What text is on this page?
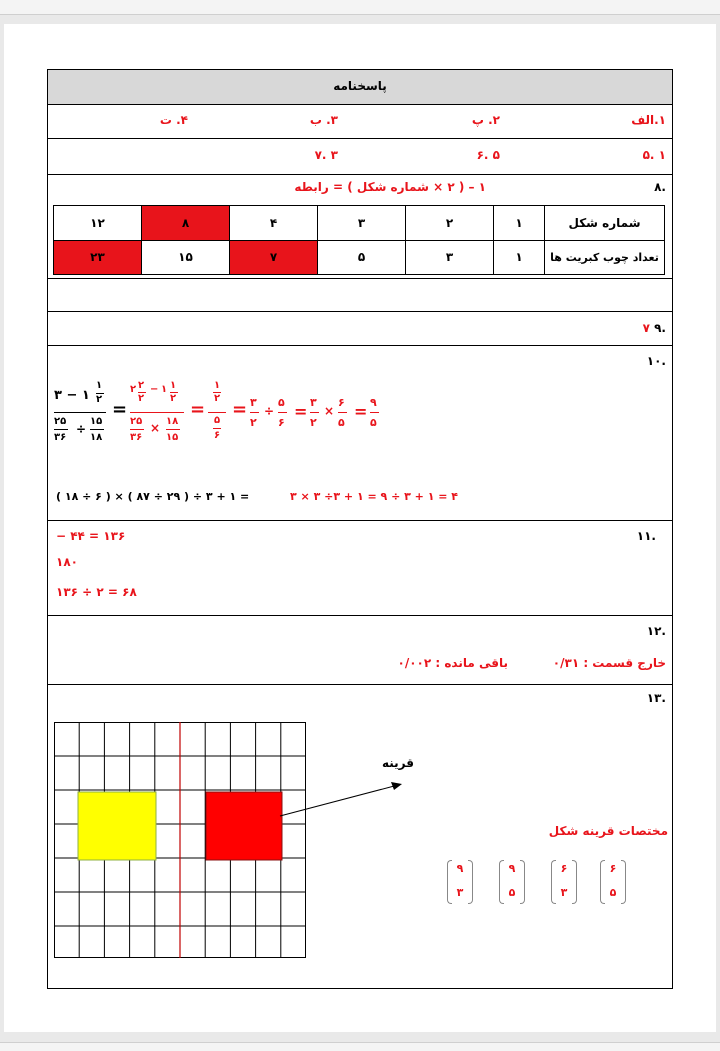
پاسخنامه
۱.الف
۲. پ
۳. ب
۴. ت
۵. ۱
۶. ۵
۷. ۳
۸.
۱ – ( ۲ × شماره شکل ) = رابطه
۱۲	۸	۴	۳	۲	۱	شماره شکل
۲۳	۱۵	۷	۵	۳	۱	تعداد چوب کبریت ها
۷ ۹.
۱۰.
۳ − ۱
۱
۲
۲۵
۳۶
÷
۱۵
۱۸
=
۲ ۲
۲
− ۱ ۱
۲
۲۵
۳۶
× ۱۸
۱۵
=
۱
۲
۵
۶
= ۳
۲
÷
۵
۶
= ۳
۲
×
۶
۵
= ۹
۵
( ۱۸ ÷ ۶ ) × ( ۸۷ ÷ ۲۹ ) ÷ ۳ + ۱ =	۳ × ۳ ÷۳ + ۱ = ۹ ÷ ۳ + ۱ = ۴
۱۱.
− ۴۴ = ۱۳۶
۱۸۰
۱۳۶ ÷ ۲ = ۶۸
۱۲.
خارج قسمت : ۰/۳۱
باقی مانده : ۰/۰۰۲
۱۳.
قرینه
مختصات قرینه شکل
۶
۵
۶
۳
۹
۵
۹
۳
